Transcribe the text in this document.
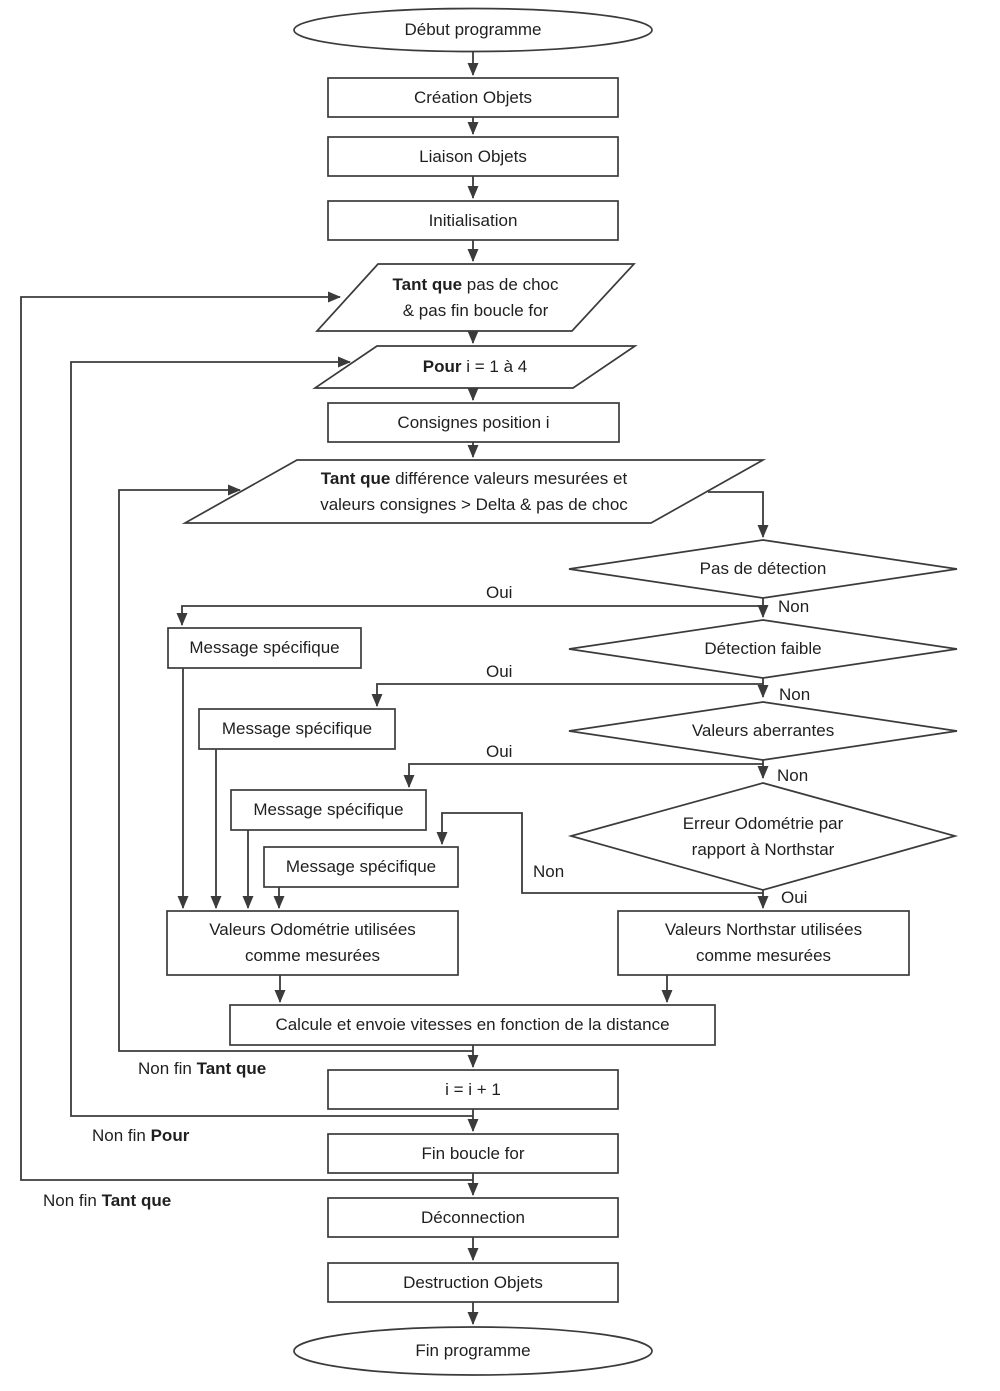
Début programme
Création Objets
Liaison Objets
Initialisation
Tant que pas de choc
& pas fin boucle for
Pour i = 1 à 4
Consignes position i
Tant que différence valeurs mesurées et
valeurs consignes > Delta & pas de choc
Pas de détection
Détection faible
Valeurs aberrantes
Erreur Odométrie par
rapport à Northstar
Message spécifique
Message spécifique
Message spécifique
Message spécifique
Valeurs Odométrie utilisées
comme mesurées
Valeurs Northstar utilisées
comme mesurées
Calcule et envoie vitesses en fonction de la distance
i = i + 1
Fin boucle for
Déconnection
Destruction Objets
Fin programme
Oui
Non
Oui
Non
Oui
Non
Oui
Non
Non fin Tant que
Non fin Pour
Non fin Tant que
